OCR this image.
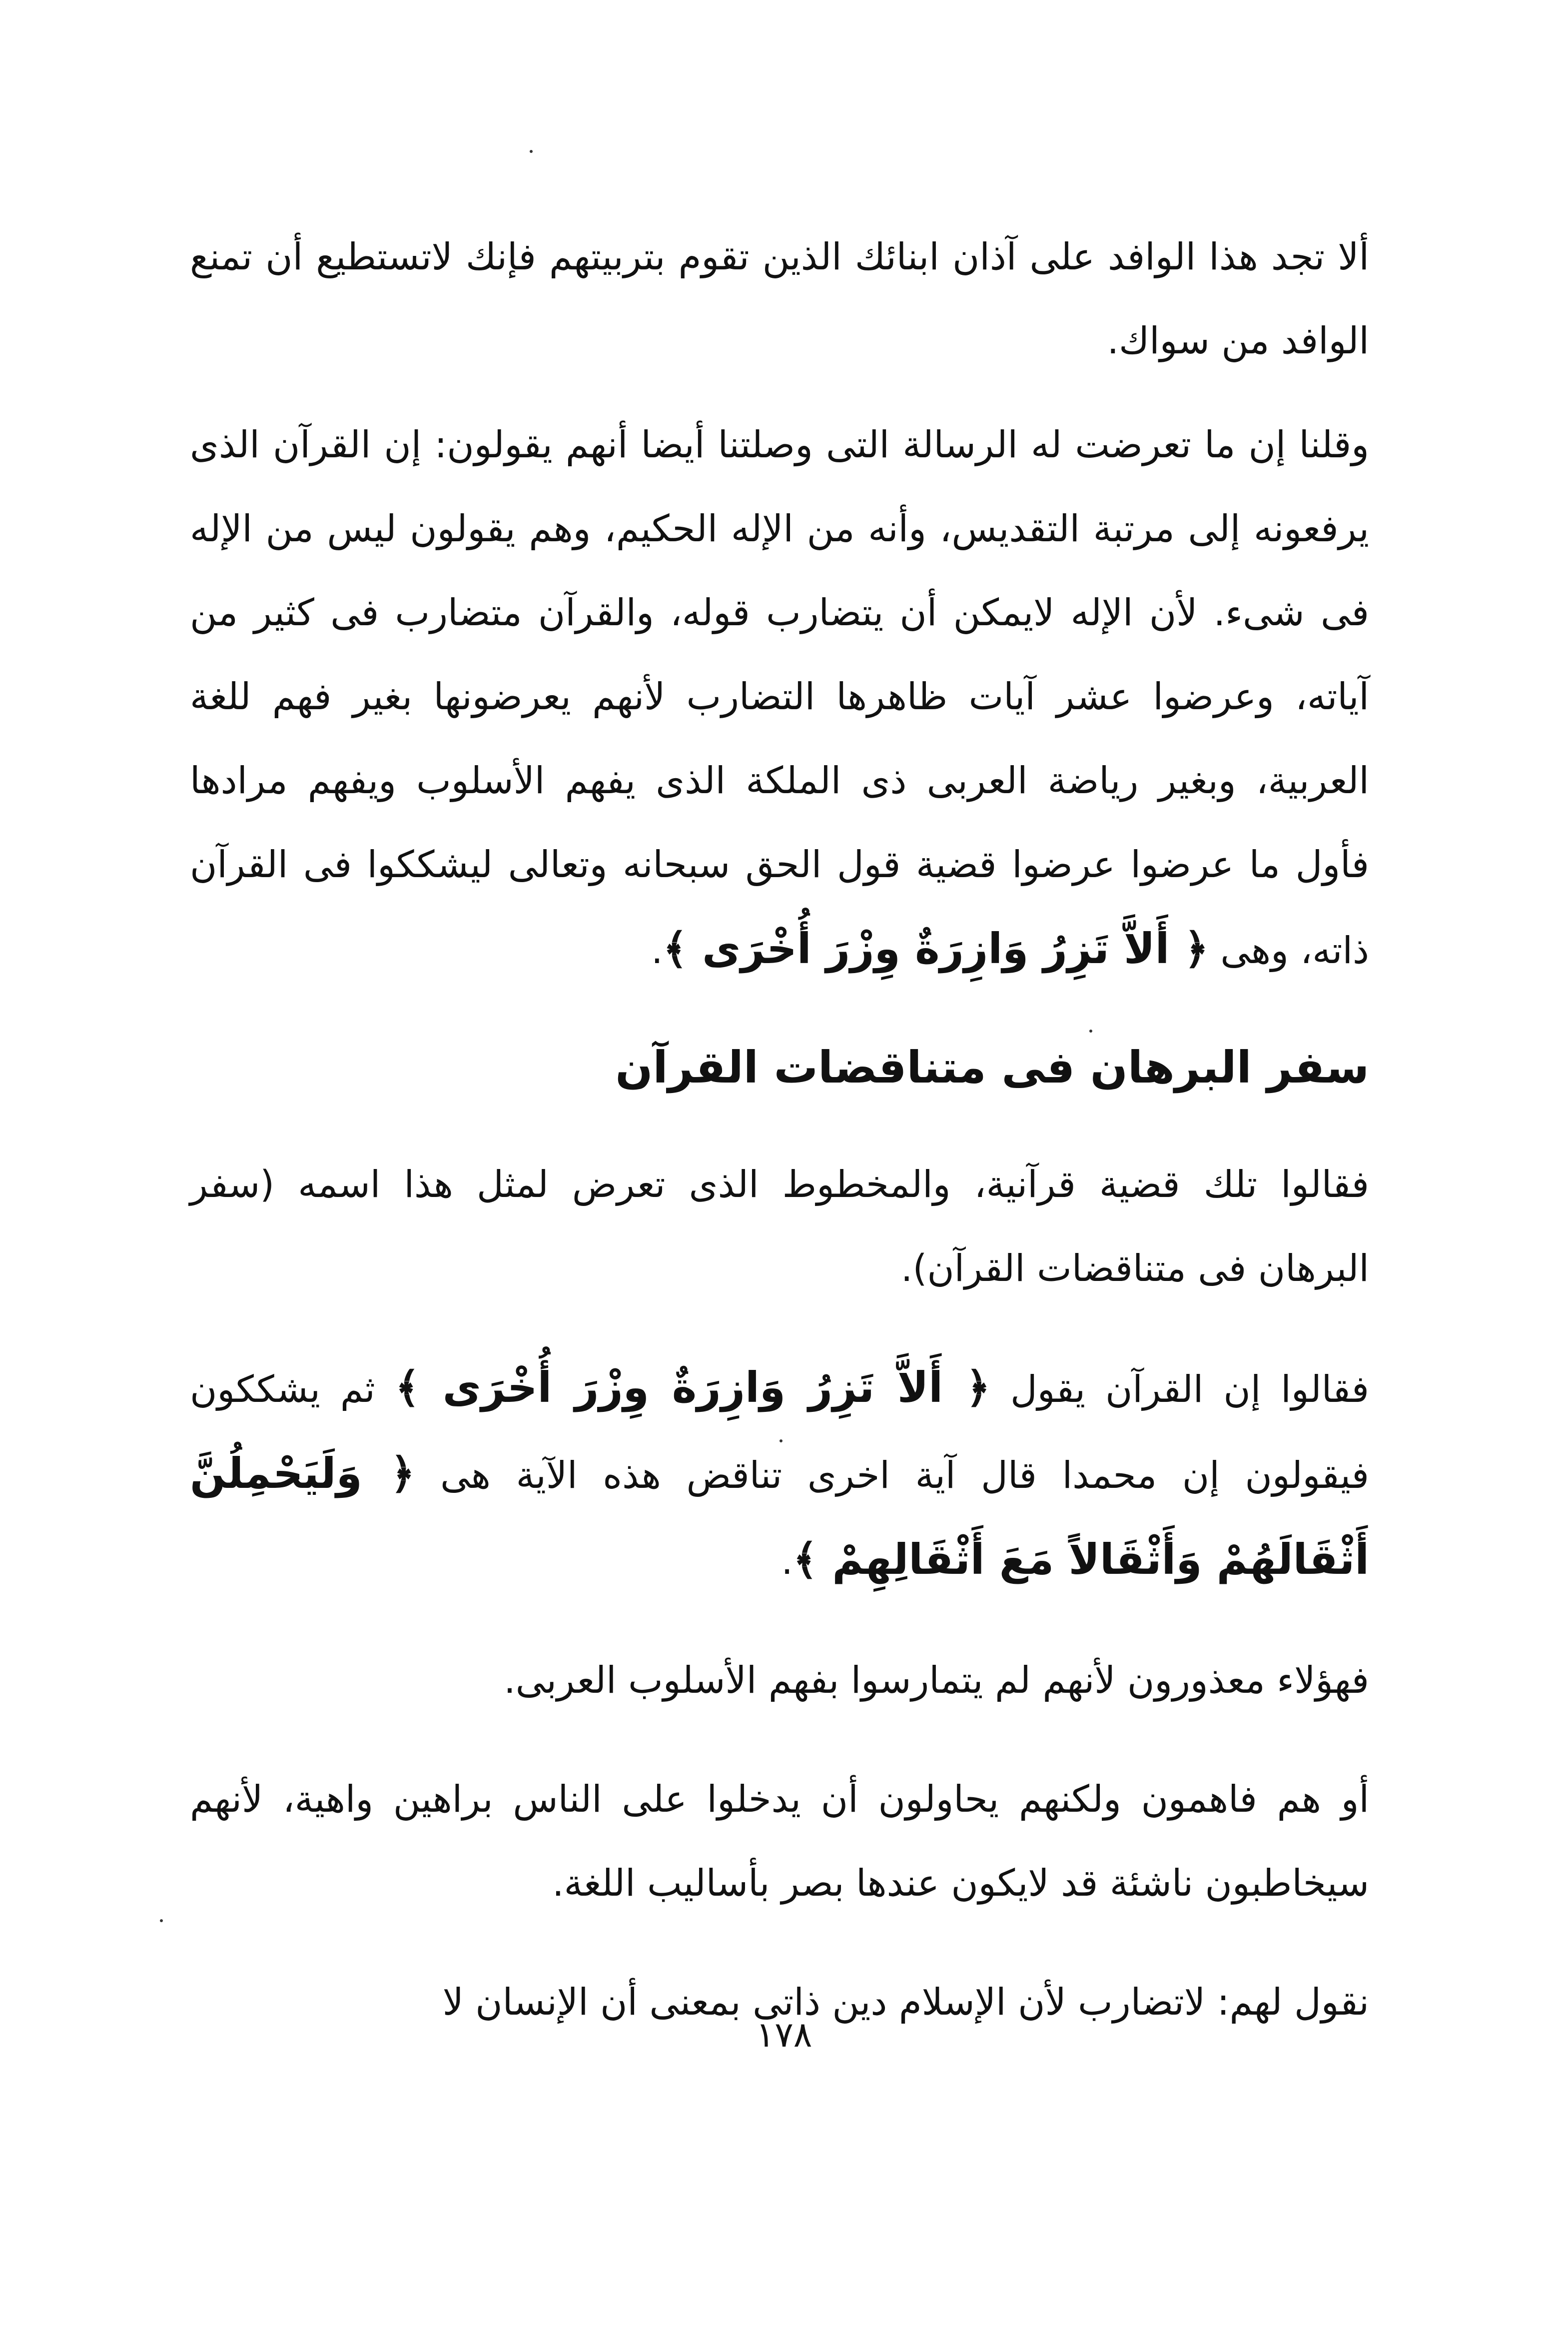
ألا تجد هذا الوافد على آذان ابنائك الذين تقوم بتربيتهم فإنك لاتستطيع أن تمنع الوافد من سواك.

وقلنا إن ما تعرضت له الرسالة التى وصلتنا أيضا أنهم يقولون: إن القرآن الذى يرفعونه إلى مرتبة التقديس، وأنه من الإله الحكيم، وهم يقولون ليس من الإله فى شىء. لأن الإله لايمكن أن يتضارب قوله، والقرآن متضارب فى كثير من آياته، وعرضوا عشر آيات ظاهرها التضارب لأنهم يعرضونها بغير فهم للغة العربية، وبغير رياضة العربى ذى الملكة الذى يفهم الأسلوب ويفهم مرادها فأول ما عرضوا عرضوا قضية قول الحق سبحانه وتعالى ليشككوا فى القرآن ذاته، وهى ﴿ أَلاَّ تَزِرُ وَازِرَةٌ وِزْرَ أُخْرَى ﴾.

سفر البرهان فى متناقضات القرآن

فقالوا تلك قضية قرآنية، والمخطوط الذى تعرض لمثل هذا اسمه (سفر البرهان فى متناقضات القرآن).

فقالوا إن القرآن يقول ﴿ أَلاَّ تَزِرُ وَازِرَةٌ وِزْرَ أُخْرَى ﴾ ثم يشككون فيقولون إن محمدا قال آية اخرى تناقض هذه الآية هى ﴿ وَلَيَحْمِلُنَّ أَثْقَالَهُمْ وَأَثْقَالاً مَعَ أَثْقَالِهِمْ ﴾.

فهؤلاء معذورون لأنهم لم يتمارسوا بفهم الأسلوب العربى.

أو هم فاهمون ولكنهم يحاولون أن يدخلوا على الناس براهين واهية، لأنهم سيخاطبون ناشئة قد لايكون عندها بصر بأساليب اللغة.

نقول لهم: لاتضارب لأن الإسلام دين ذاتى بمعنى أن الإنسان لا

١٧٨
